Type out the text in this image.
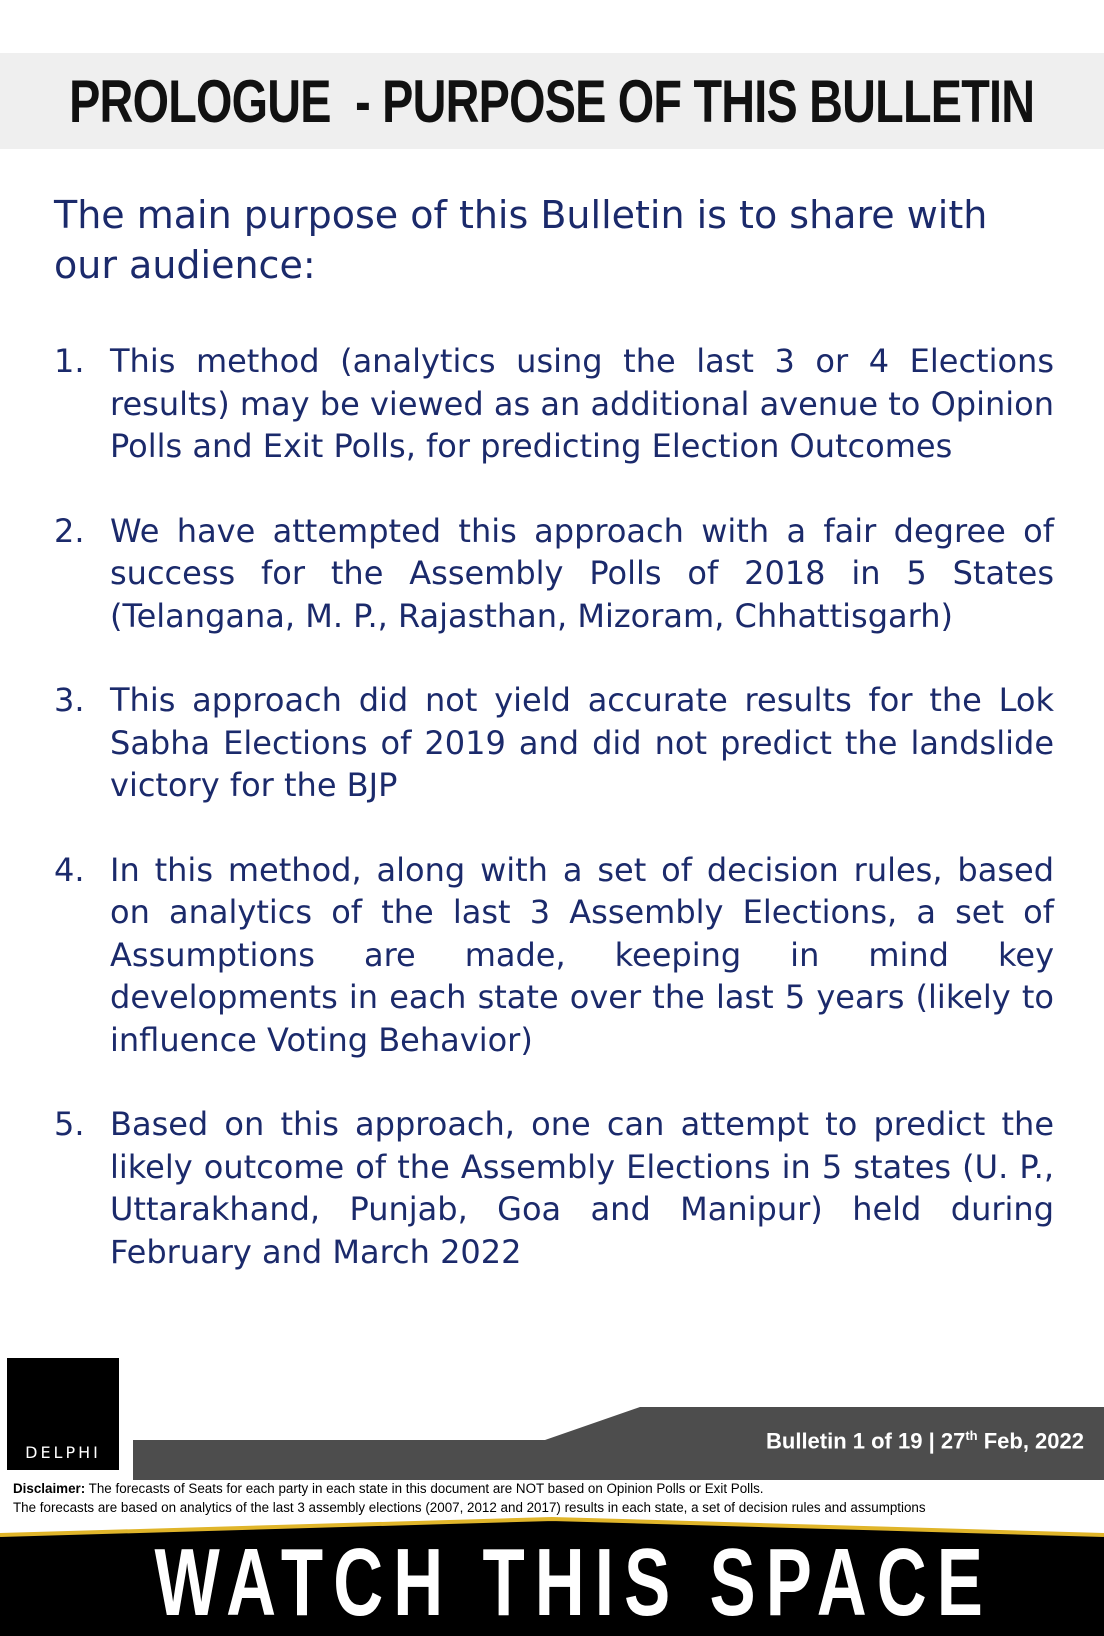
PROLOGUE  - PURPOSE OF THIS BULLETIN
The main purpose of this Bulletin is to share with our audience:
1. This method (analytics using the last 3 or 4 Elections results) may be viewed as an additional avenue to Opinion Polls and Exit Polls, for predicting Election Outcomes
2. We have attempted this approach with a fair degree of success for the Assembly Polls of 2018 in 5 States (Telangana, M. P., Rajasthan, Mizoram, Chhattisgarh)
3. This approach did not yield accurate results for the Lok Sabha Elections of 2019 and did not predict the landslide victory for the BJP
4. In this method, along with a set of decision rules, based on analytics of the last 3 Assembly Elections, a set of Assumptions are made, keeping in mind key developments in each state over the last 5 years (likely to influence Voting Behavior)
5. Based on this approach, one can attempt to predict the likely outcome of the Assembly Elections in 5 states (U. P., Uttarakhand, Punjab, Goa and Manipur) held during February and March 2022
DELPHI	Bulletin 1 of 19 | 27th Feb, 2022
Disclaimer: The forecasts of Seats for each party in each state in this document are NOT based on Opinion Polls or Exit Polls.
The forecasts are based on analytics of the last 3 assembly elections (2007, 2012 and 2017) results in each state, a set of decision rules and assumptions
WATCH THIS SPACE
